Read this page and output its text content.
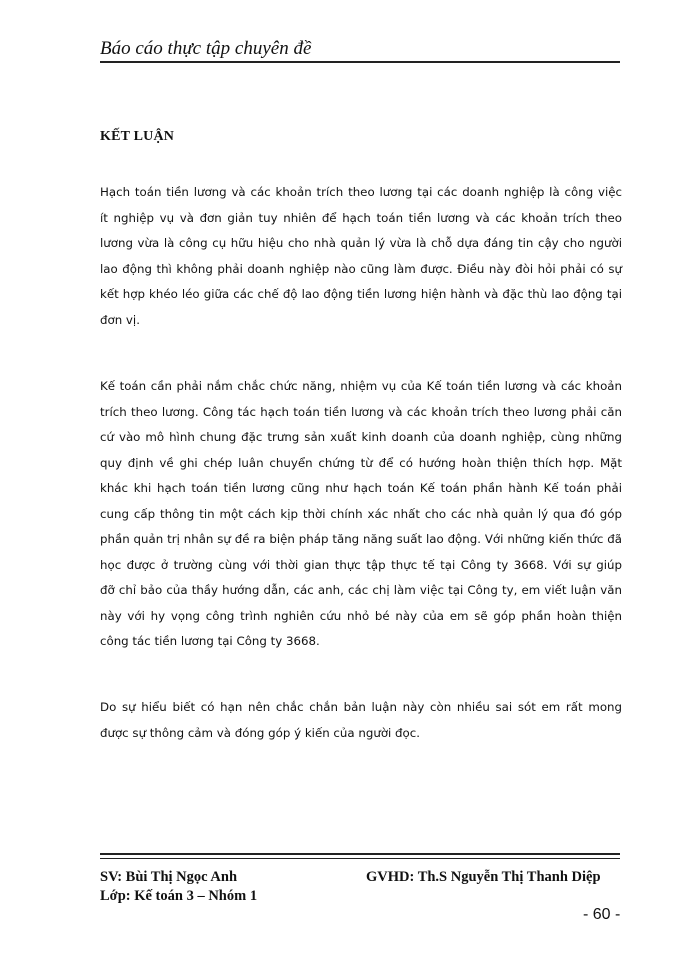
Báo cáo thực tập chuyên đề
KẾT LUẬN
Hạch toán tiền lương và các khoản trích theo lương tại các doanh nghiệp là công việc
ít nghiệp vụ và đơn giản tuy nhiên để hạch toán tiền lương và các khoản trích theo
lương vừa là công cụ hữu hiệu cho nhà quản lý vừa là chỗ dựa đáng tin cậy cho người
lao động thì không phải doanh nghiệp nào cũng làm được. Điều này đòi hỏi phải có sự
kết hợp khéo léo giữa các chế độ lao động tiền lương hiện hành và đặc thù lao động tại
đơn vị.
Kế toán cần phải nắm chắc chức năng, nhiệm vụ của Kế toán tiền lương và các khoản
trích theo lương. Công tác hạch toán tiền lương và các khoản trích theo lương phải căn
cứ vào mô hình chung đặc trưng sản xuất kinh doanh của doanh nghiệp, cùng những
quy định về ghi chép luân chuyển chứng từ để có hướng hoàn thiện thích hợp. Mặt
khác khi hạch toán tiền lương cũng như hạch toán Kế toán phần hành Kế toán phải
cung cấp thông tin một cách kịp thời chính xác nhất cho các nhà quản lý qua đó góp
phần quản trị nhân sự đề ra biện pháp tăng năng suất lao động. Với những kiến thức đã
học được ở trường cùng với thời gian thực tập thực tế tại Công ty 3668. Với sự giúp
đỡ chỉ bảo của thầy hướng dẫn, các anh, các chị làm việc tại Công ty, em viết luận văn
này với hy vọng công trình nghiên cứu nhỏ bé này của em sẽ góp phần hoàn thiện
công tác tiền lương tại Công ty 3668.
Do sự hiểu biết có hạn nên chắc chắn bản luận này còn nhiều sai sót em rất mong
được sự thông cảm và đóng góp ý kiến của người đọc.
SV: Bùi Thị Ngọc Anh
Lớp: Kế toán 3 – Nhóm 1
GVHD: Th.S Nguyễn Thị Thanh Diệp
- 60 -
